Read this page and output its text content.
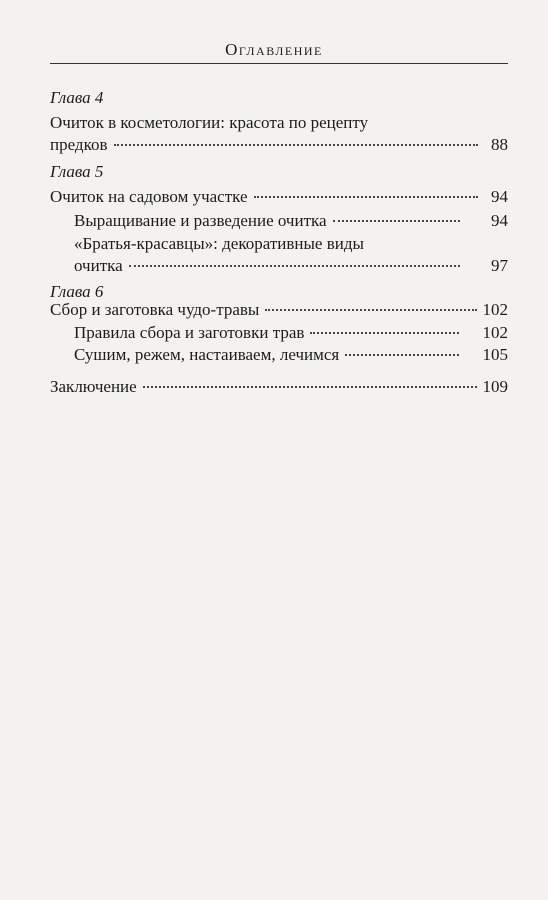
Оглавление
Глава 4
Очиток в косметологии: красота по рецепту
предков	88
Глава 5
Очиток на садовом участке	94
Выращивание и разведение очитка	94
«Братья-красавцы»: декоративные виды
очитка	97
Глава 6
Сбор и заготовка чудо-травы	102
Правила сбора и заготовки трав	102
Сушим, режем, настаиваем, лечимся	105
Заключение	109
